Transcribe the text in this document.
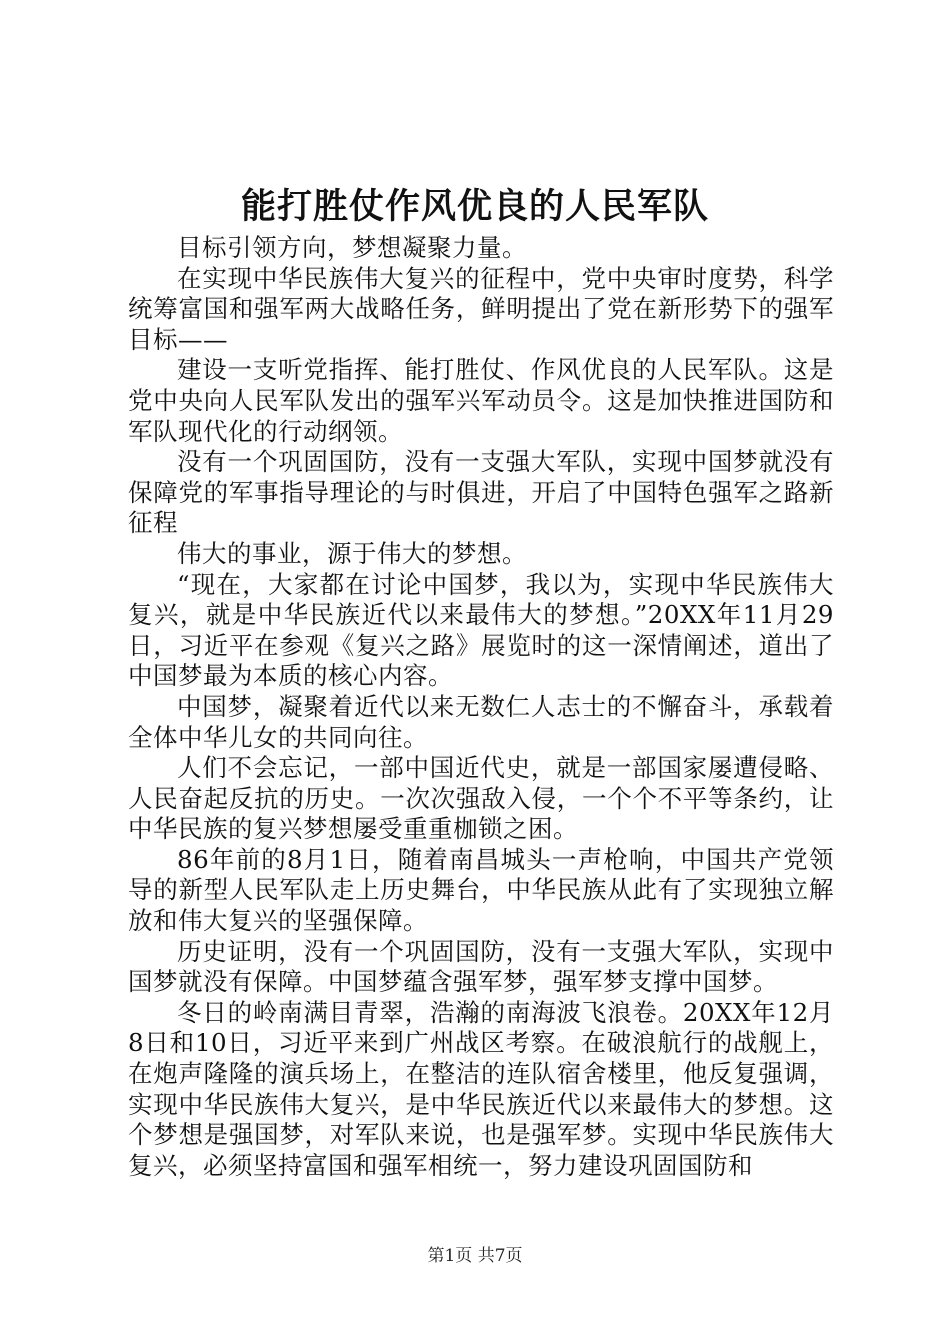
能打胜仗作风优良的人民军队

目标引领方向，梦想凝聚力量。

在实现中华民族伟大复兴的征程中，党中央审时度势，科学统筹富国和强军两大战略任务，鲜明提出了党在新形势下的强军目标——

建设一支听党指挥、能打胜仗、作风优良的人民军队。这是党中央向人民军队发出的强军兴军动员令。这是加快推进国防和军队现代化的行动纲领。

没有一个巩固国防，没有一支强大军队，实现中国梦就没有保障党的军事指导理论的与时俱进，开启了中国特色强军之路新征程

伟大的事业，源于伟大的梦想。

“现在，大家都在讨论中国梦，我以为，实现中华民族伟大复兴，就是中华民族近代以来最伟大的梦想。”20XX年11月29日，习近平在参观《复兴之路》展览时的这一深情阐述，道出了中国梦最为本质的核心内容。

中国梦，凝聚着近代以来无数仁人志士的不懈奋斗，承载着全体中华儿女的共同向往。

人们不会忘记，一部中国近代史，就是一部国家屡遭侵略、人民奋起反抗的历史。一次次强敌入侵，一个个不平等条约，让中华民族的复兴梦想屡受重重枷锁之困。

86年前的8月1日，随着南昌城头一声枪响，中国共产党领导的新型人民军队走上历史舞台，中华民族从此有了实现独立解放和伟大复兴的坚强保障。

历史证明，没有一个巩固国防，没有一支强大军队，实现中国梦就没有保障。中国梦蕴含强军梦，强军梦支撑中国梦。

冬日的岭南满目青翠，浩瀚的南海波飞浪卷。20XX年12月8日和10日，习近平来到广州战区考察。在破浪航行的战舰上，在炮声隆隆的演兵场上，在整洁的连队宿舍楼里，他反复强调，实现中华民族伟大复兴，是中华民族近代以来最伟大的梦想。这个梦想是强国梦，对军队来说，也是强军梦。实现中华民族伟大复兴，必须坚持富国和强军相统一，努力建设巩固国防和

第1页 共7页
